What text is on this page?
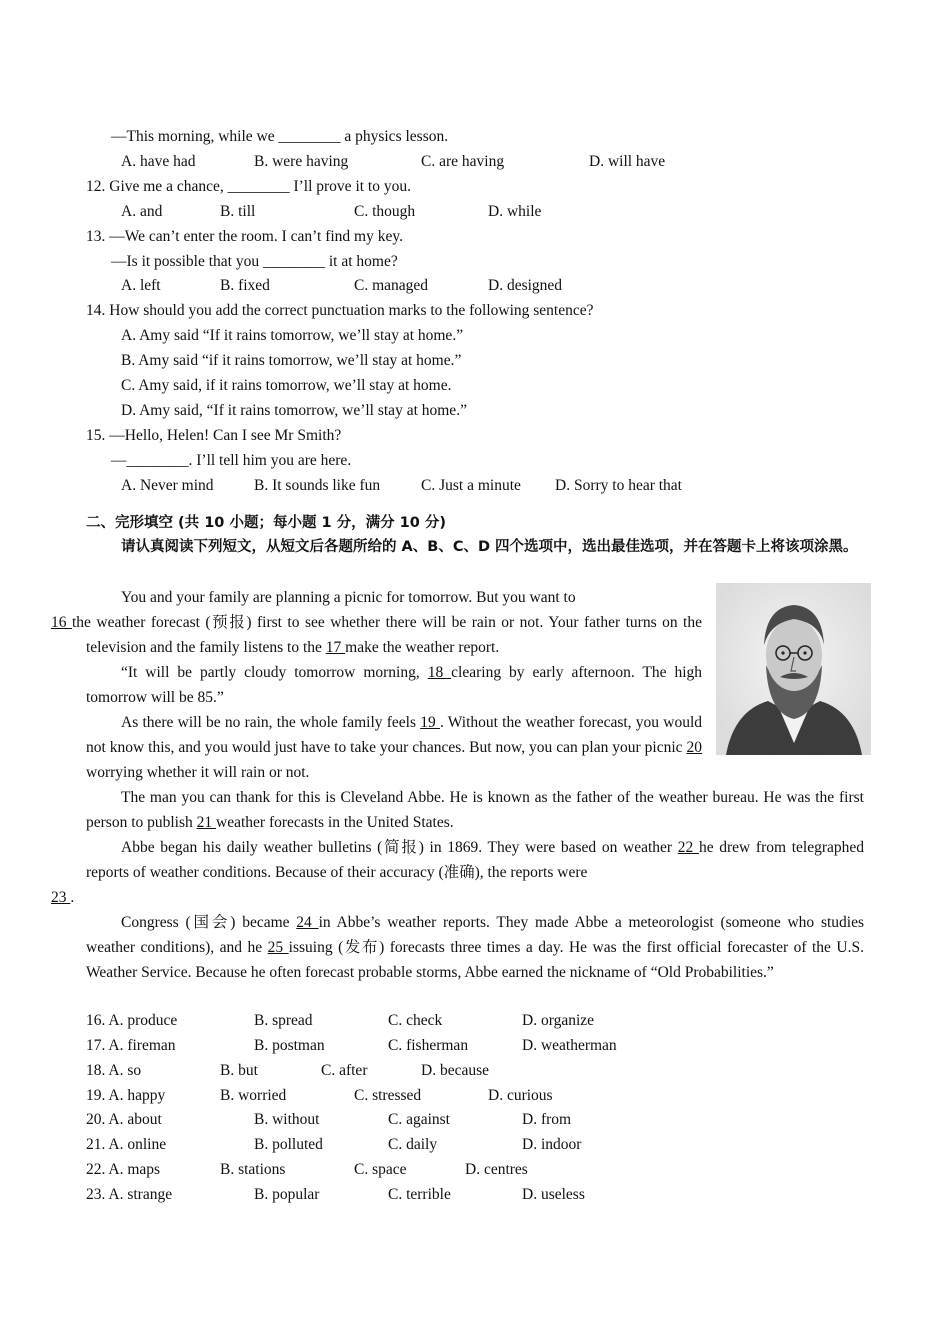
—This morning, while we ________ a physics lesson.
A. have had	B. were having	C. are having	D. will have
12. Give me a chance, ________ I’ll prove it to you.
A. and	B. till	C. though	D. while
13. —We can’t enter the room. I can’t find my key.
—Is it possible that you ________ it at home?
A. left	B. fixed	C. managed	D. designed
14. How should you add the correct punctuation marks to the following sentence?
A. Amy said “If it rains tomorrow, we’ll stay at home.”
B. Amy said “if it rains tomorrow, we’ll stay at home.”
C. Amy said, if it rains tomorrow, we’ll stay at home.
D. Amy said, “If it rains tomorrow, we’ll stay at home.”
15. —Hello, Helen! Can I see Mr Smith?
—________. I’ll tell him you are here.
A. Never mind	B. It sounds like fun	C. Just a minute D. Sorry to hear that
二、完形填空 (共 10 小题；每小题 1 分，满分 10 分)

请认真阅读下列短文，从短文后各题所给的 A、B、C、D 四个选项中，选出最佳选项，并在答题卡上将该项涂黑。

You and your family are planning a picnic for tomorrow. But you want to
16 the weather forecast (预报) first to see whether there will be rain or not. Your father turns on the television and the family listens to the 17 make the weather report.

“It will be partly cloudy tomorrow morning, 18 clearing by early afternoon. The high tomorrow will be 85.”

As there will be no rain, the whole family feels 19 . Without the weather forecast, you would not know this, and you would just have to take your chances. But now, you can plan your picnic 20 worrying whether it will rain or not.

The man you can thank for this is Cleveland Abbe. He is known as the father of the weather bureau. He was the first person to publish 21 weather forecasts in the United States.

Abbe began his daily weather bulletins (简报) in 1869. They were based on weather 22 he drew from telegraphed reports of weather conditions. Because of their accuracy (准确), the reports were
23 .

Congress (国会) became 24 in Abbe’s weather reports. They made Abbe a meteorologist (someone who studies weather conditions), and he 25 issuing (发布) forecasts three times a day. He was the first official forecaster of the U.S. Weather Service. Because he often forecast probable storms, Abbe earned the nickname of “Old Probabilities.”

16. A. produce	B. spread	C. check	D. organize
17. A. fireman	B. postman	C. fisherman	D. weatherman
18. A. so	B. but	C. after	D. because
19. A. happy	B. worried	C. stressed	D. curious
20. A. about	B. without	C. against	D. from
21. A. online	B. polluted	C. daily	D. indoor
22. A. maps	B. stations	C. space	D. centres
23. A. strange	B. popular	C. terrible	D. useless
